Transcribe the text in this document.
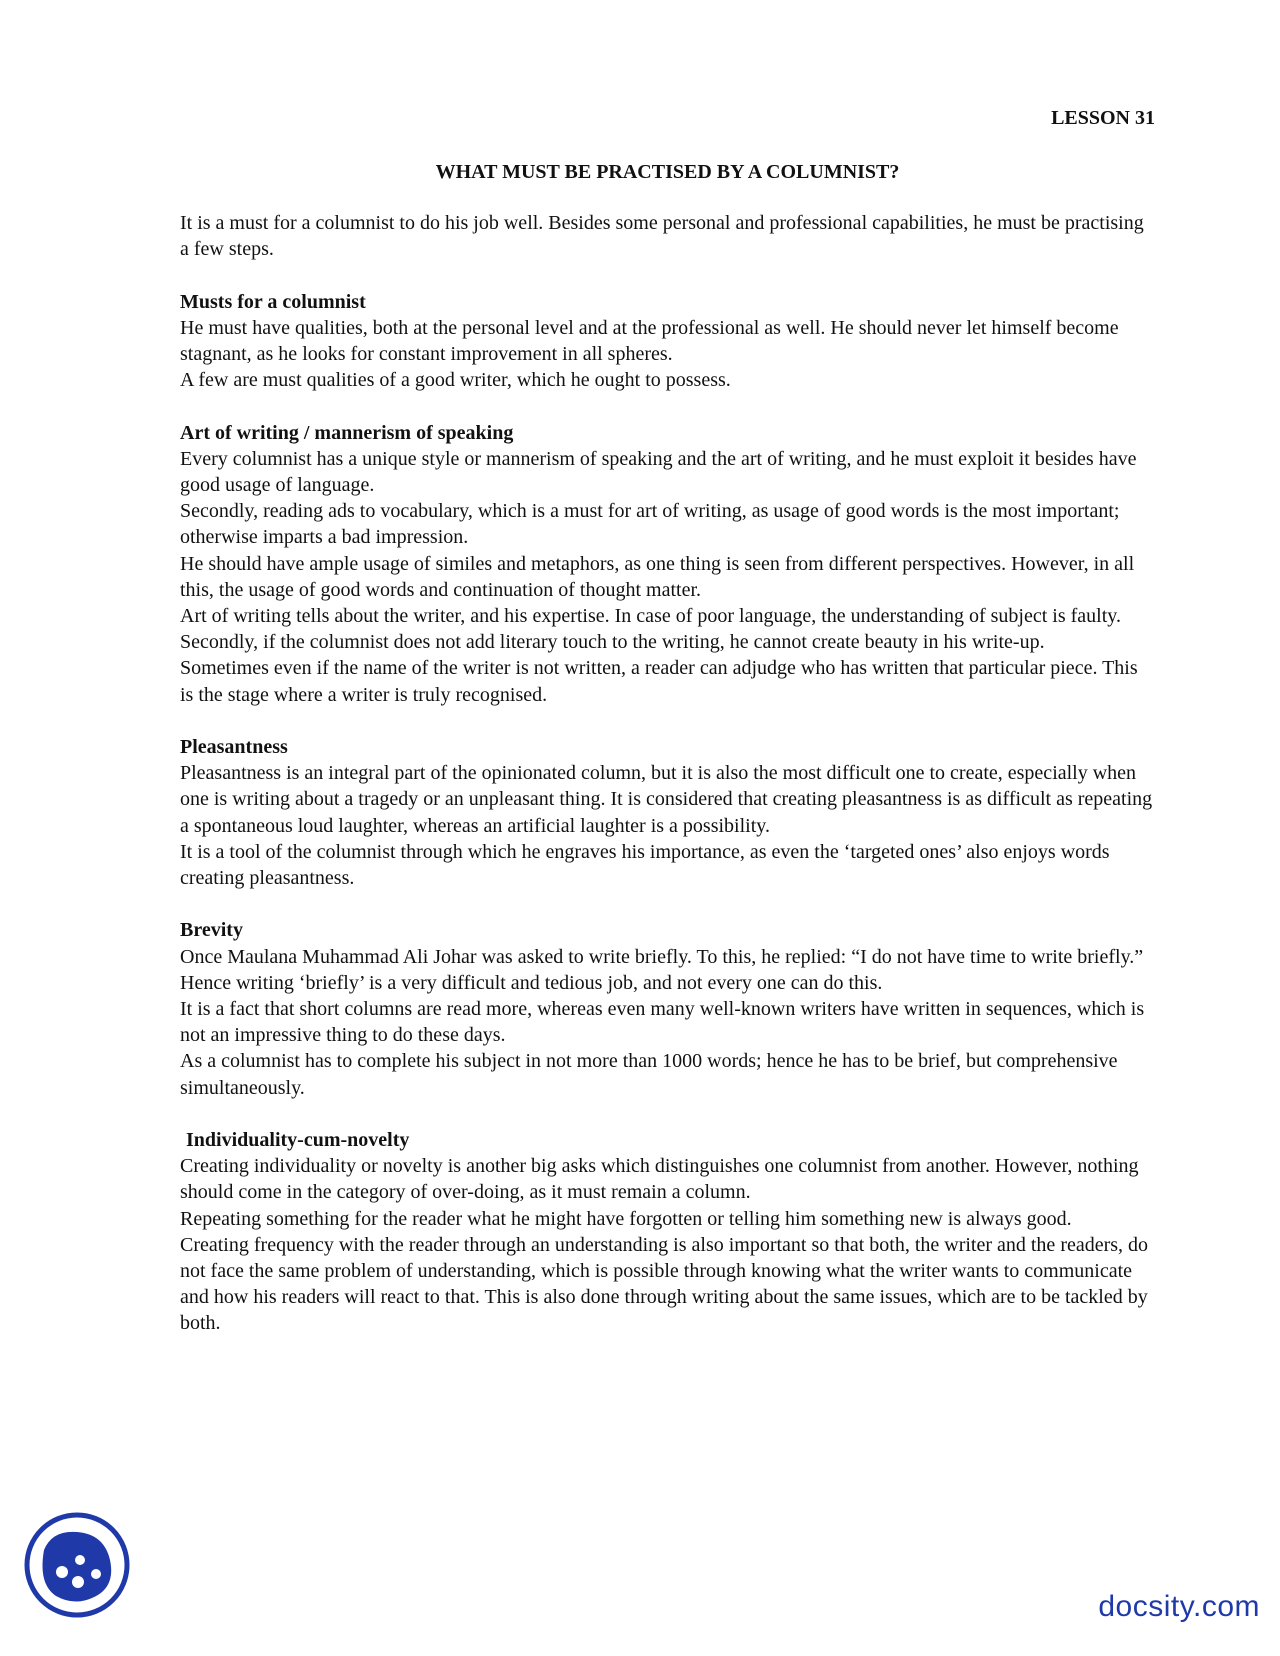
LESSON 31
WHAT MUST BE PRACTISED BY A COLUMNIST?

It is a must for a columnist to do his job well. Besides some personal and professional capabilities, he must be practising a few steps.

Musts for a columnist

He must have qualities, both at the personal level and at the professional as well. He should never let himself become stagnant, as he looks for constant improvement in all spheres.

A few are must qualities of a good writer, which he ought to possess.

Art of writing / mannerism of speaking

Every columnist has a unique style or mannerism of speaking and the art of writing, and he must exploit it besides have good usage of language.

Secondly, reading ads to vocabulary, which is a must for art of writing, as usage of good words is the most important; otherwise imparts a bad impression.

He should have ample usage of similes and metaphors, as one thing is seen from different perspectives. However, in all this, the usage of good words and continuation of thought matter.

Art of writing tells about the writer, and his expertise. In case of poor language, the understanding of subject is faulty. Secondly, if the columnist does not add literary touch to the writing, he cannot create beauty in his write-up.

Sometimes even if the name of the writer is not written, a reader can adjudge who has written that particular piece. This is the stage where a writer is truly recognised.

Pleasantness

Pleasantness is an integral part of the opinionated column, but it is also the most difficult one to create, especially when one is writing about a tragedy or an unpleasant thing. It is considered that creating pleasantness is as difficult as repeating a spontaneous loud laughter, whereas an artificial laughter is a possibility.

It is a tool of the columnist through which he engraves his importance, as even the ‘targeted ones’ also enjoys words creating pleasantness.

Brevity

Once Maulana Muhammad Ali Johar was asked to write briefly. To this, he replied: “I do not have time to write briefly.” Hence writing ‘briefly’ is a very difficult and tedious job, and not every one can do this.

It is a fact that short columns are read more, whereas even many well-known writers have written in sequences, which is not an impressive thing to do these days.

As a columnist has to complete his subject in not more than 1000 words; hence he has to be brief, but comprehensive simultaneously.

Individuality-cum-novelty

Creating individuality or novelty is another big asks which distinguishes one columnist from another. However, nothing should come in the category of over-doing, as it must remain a column.

Repeating something for the reader what he might have forgotten or telling him something new is always good.

Creating frequency with the reader through an understanding is also important so that both, the writer and the readers, do not face the same problem of understanding, which is possible through knowing what the writer wants to communicate and how his readers will react to that. This is also done through writing about the same issues, which are to be tackled by both.

docsity.com
